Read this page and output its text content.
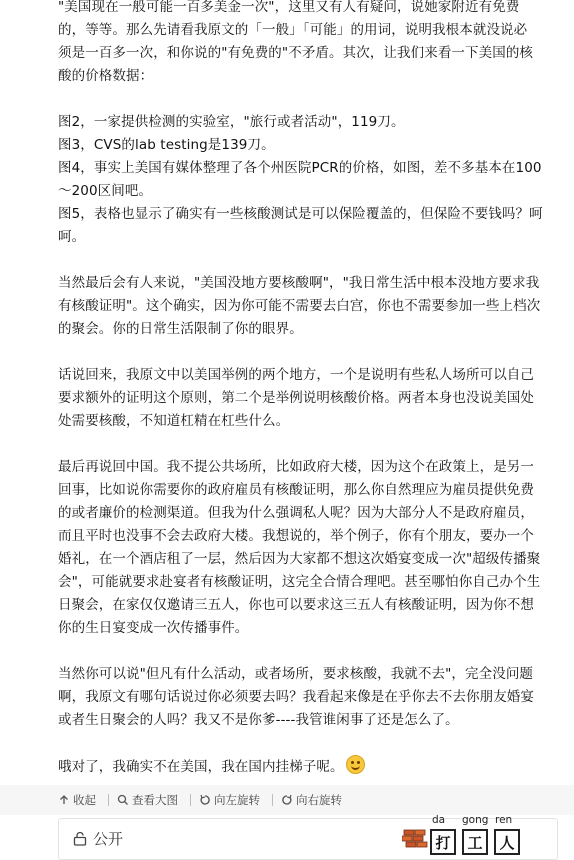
"美国现在一般可能一百多美金一次"，这里又有人有疑问，说她家附近有免费

的，等等。那么先请看我原文的「一般」「可能」的用词，说明我根本就没说必

须是一百多一次，和你说的"有免费的"不矛盾。其次，让我们来看一下美国的核

酸的价格数据：

图2，一家提供检测的实验室，"旅行或者活动"，119刀。

图3，CVS的lab testing是139刀。

图4，事实上美国有媒体整理了各个州医院PCR的价格，如图，差不多基本在100

～200区间吧。

图5，表格也显示了确实有一些核酸测试是可以保险覆盖的，但保险不要钱吗？呵

呵。

当然最后会有人来说，"美国没地方要核酸啊"，"我日常生活中根本没地方要求我

有核酸证明"。这个确实，因为你可能不需要去白宫，你也不需要参加一些上档次

的聚会。你的日常生活限制了你的眼界。

话说回来，我原文中以美国举例的两个地方，一个是说明有些私人场所可以自己

要求额外的证明这个原则，第二个是举例说明核酸价格。两者本身也没说美国处

处需要核酸，不知道杠精在杠些什么。

最后再说回中国。我不提公共场所，比如政府大楼，因为这个在政策上，是另一

回事，比如说你需要你的政府雇员有核酸证明，那么你自然理应为雇员提供免费

的或者廉价的检测渠道。但我为什么强调私人呢？因为大部分人不是政府雇员，

而且平时也没事不会去政府大楼。我想说的，举个例子，你有个朋友，要办一个

婚礼，在一个酒店租了一层，然后因为大家都不想这次婚宴变成一次"超级传播聚

会"，可能就要求赴宴者有核酸证明，这完全合情合理吧。甚至哪怕你自己办个生

日聚会，在家仅仅邀请三五人，你也可以要求这三五人有核酸证明，因为你不想

你的生日宴变成一次传播事件。

当然你可以说"但凡有什么活动，或者场所，要求核酸，我就不去"，完全没问题

啊，我原文有哪句话说过你必须要去吗？我看起来像是在乎你去不去你朋友婚宴

或者生日聚会的人吗？我又不是你爹----我管谁闲事了还是怎么了。

哦对了，我确实不在美国，我在国内挂梯子呢。

收起	查看大图	向左旋转	向右旋转
公开
da gong ren
打	工	人
